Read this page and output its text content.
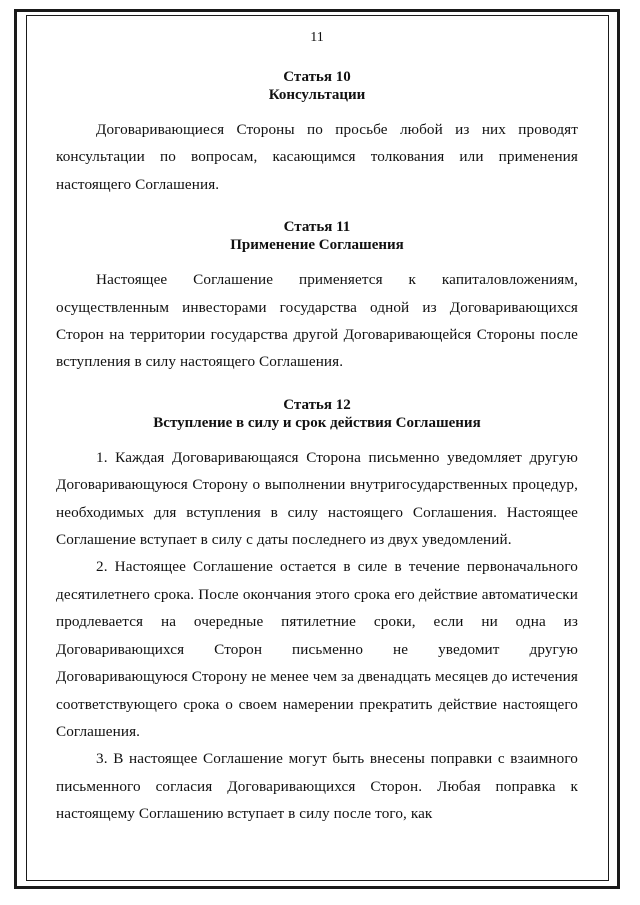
11
Статья 10
Консультации

Договаривающиеся Стороны по просьбе любой из них проводят консультации по вопросам, касающимся толкования или применения настоящего Соглашения.

Статья 11
Применение Соглашения

Настоящее Соглашение применяется к капиталовложениям, осуществленным инвесторами государства одной из Договаривающихся Сторон на территории государства другой Договаривающейся Стороны после вступления в силу настоящего Соглашения.

Статья 12
Вступление в силу и срок действия Соглашения

1. Каждая Договаривающаяся Сторона письменно уведомляет другую Договаривающуюся Сторону о выполнении внутригосударственных процедур, необходимых для вступления в силу настоящего Соглашения. Настоящее Соглашение вступает в силу с даты последнего из двух уведомлений.

2. Настоящее Соглашение остается в силе в течение первоначального десятилетнего срока. После окончания этого срока его действие автоматически продлевается на очередные пятилетние сроки, если ни одна из Договаривающихся Сторон письменно не уведомит другую Договаривающуюся Сторону не менее чем за двенадцать месяцев до истечения соответствующего срока о своем намерении прекратить действие настоящего Соглашения.

3. В настоящее Соглашение могут быть внесены поправки с взаимного письменного согласия Договаривающихся Сторон. Любая поправка к настоящему Соглашению вступает в силу после того, как
